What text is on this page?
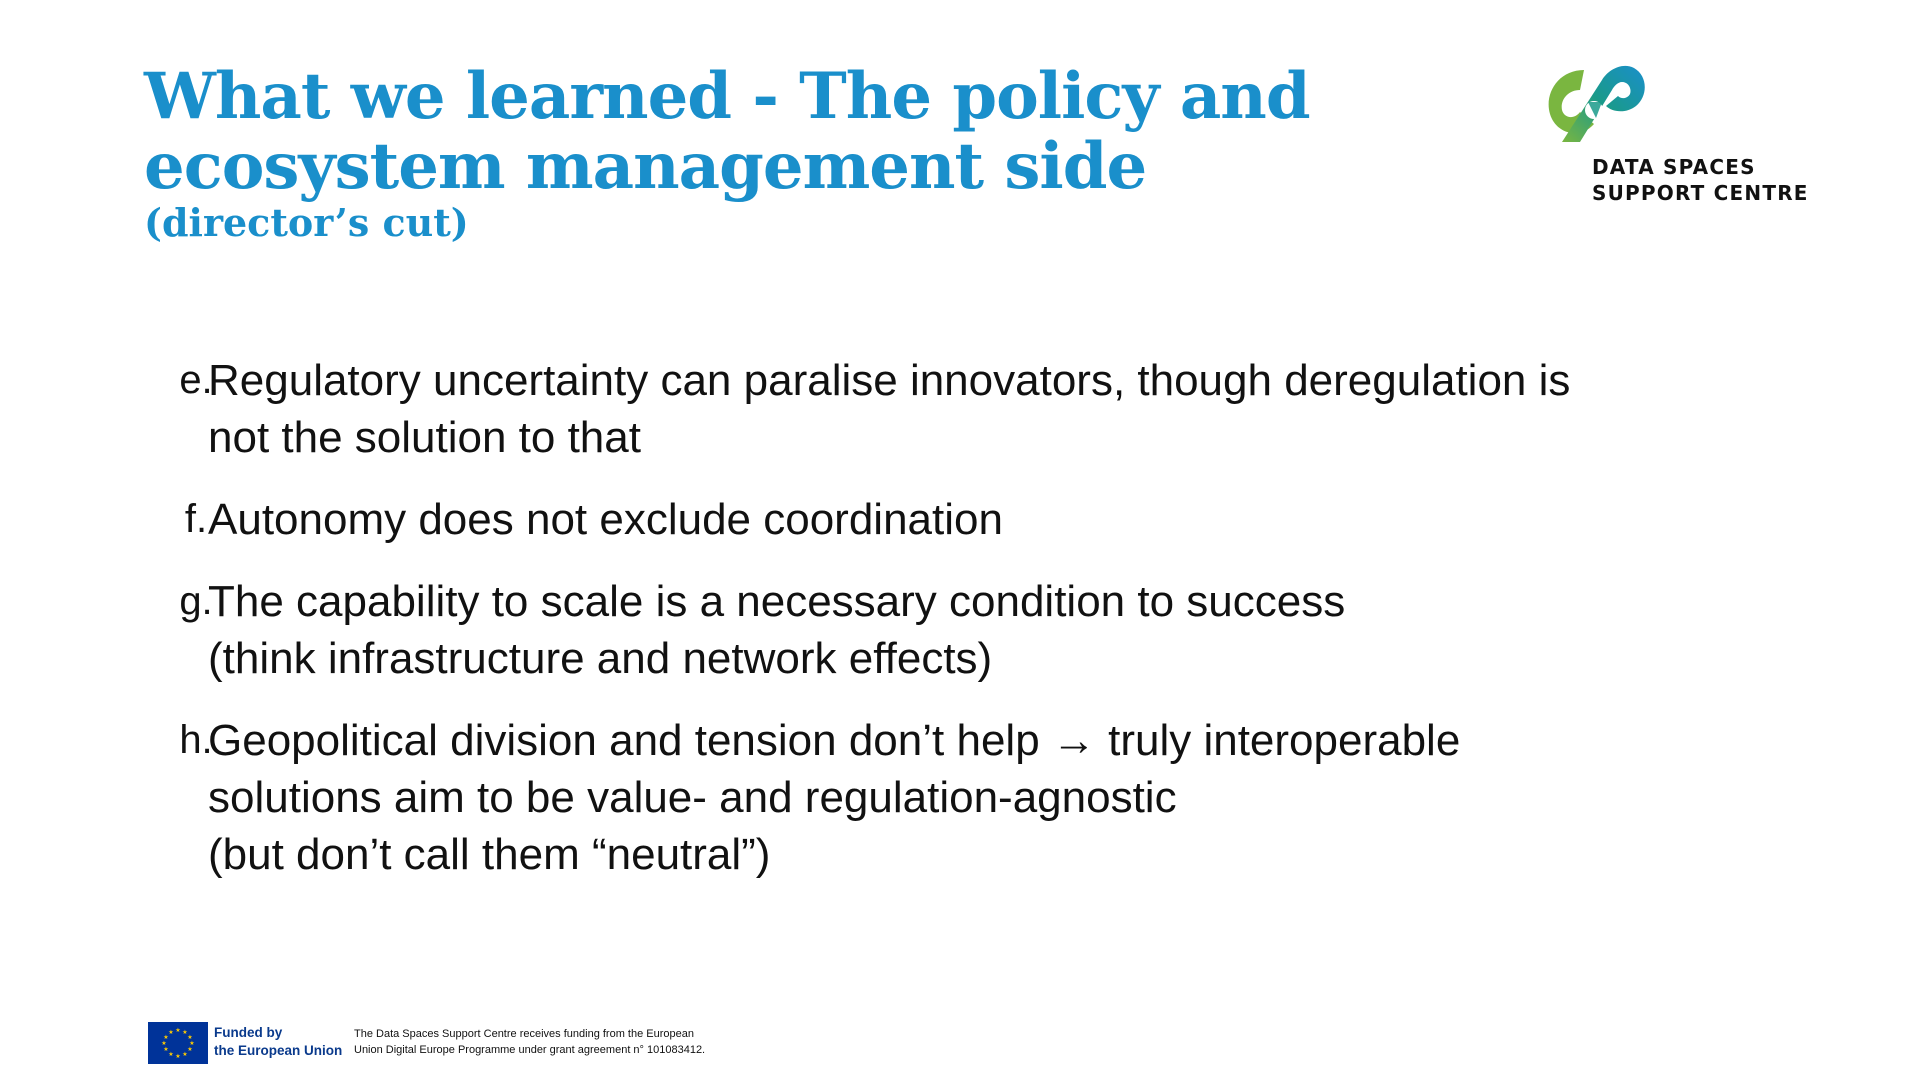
What we learned - The policy and
ecosystem management side
(director’s cut)
DATA SPACES
SUPPORT CENTRE
e.
Regulatory uncertainty can paralise innovators, though deregulation is
not the solution to that
f. Autonomy does not exclude coordination
g.
The capability to scale is a necessary condition to success
(think infrastructure and network effects)
h.
Geopolitical division and tension don’t help → truly interoperable
solutions aim to be value- and regulation-agnostic
(but don’t call them “neutral”)
★ ★
★
★
★
★
★
★
★
★
★
★	Funded by
the European Union
The Data Spaces Support Centre receives funding from the European
Union Digital Europe Programme under grant agreement n° 101083412.
